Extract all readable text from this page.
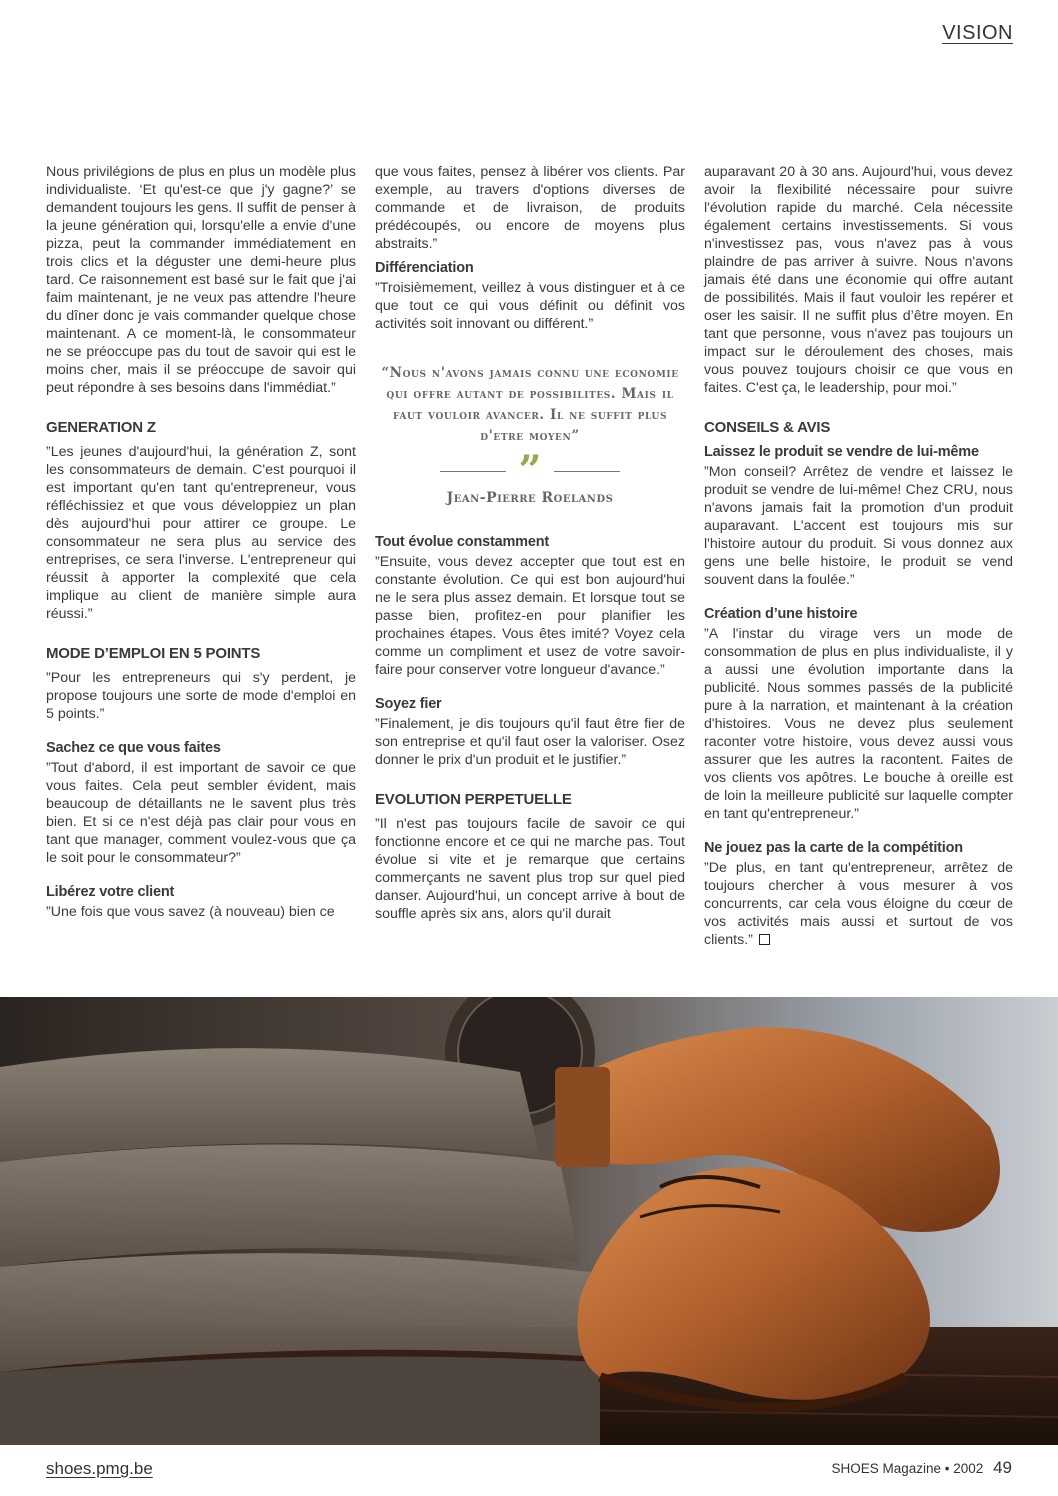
VISION

Nous privilégions de plus en plus un modèle plus individualiste. ‘Et qu'est-ce que j'y gagne?’ se demandent toujours les gens. Il suffit de penser à la jeune génération qui, lorsqu'elle a envie d'une pizza, peut la commander immédiatement en trois clics et la déguster une demi-heure plus tard. Ce raisonnement est basé sur le fait que j'ai faim maintenant, je ne veux pas attendre l'heure du dîner donc je vais commander quelque chose maintenant. A ce moment-là, le consommateur ne se préoccupe pas du tout de savoir qui est le moins cher, mais il se préoccupe de savoir qui peut répondre à ses besoins dans l'immédiat.”

GENERATION Z

”Les jeunes d'aujourd'hui, la génération Z, sont les consommateurs de demain. C'est pourquoi il est important qu'en tant qu'entrepreneur, vous réfléchissiez et que vous développiez un plan dès aujourd'hui pour attirer ce groupe. Le consommateur ne sera plus au service des entreprises, ce sera l'inverse. L'entrepreneur qui réussit à apporter la complexité que cela implique au client de manière simple aura réussi.”

MODE D’EMPLOI EN 5 POINTS

”Pour les entrepreneurs qui s'y perdent, je propose toujours une sorte de mode d'emploi en 5 points.”

Sachez ce que vous faites

”Tout d'abord, il est important de savoir ce que vous faites. Cela peut sembler évident, mais beaucoup de détaillants ne le savent plus très bien. Et si ce n'est déjà pas clair pour vous en tant que manager, comment voulez-vous que ça le soit pour le consommateur?”

Libérez votre client

”Une fois que vous savez (à nouveau) bien ce

que vous faites, pensez à libérer vos clients. Par exemple, au travers d'options diverses de commande et de livraison, de produits prédécoupés, ou encore de moyens plus abstraits.”

Différenciation

”Troisièmement, veillez à vous distinguer et à ce que tout ce qui vous définit ou définit vos activités soit innovant ou différent.”

“Nous n'avons jamais connu une economie qui offre autant de possibilites. Mais il faut vouloir avancer. Il ne suffit plus d'etre moyen”
”
Jean-Pierre Roelands
Tout évolue constamment

”Ensuite, vous devez accepter que tout est en constante évolution. Ce qui est bon aujourd'hui ne le sera plus assez demain. Et lorsque tout se passe bien, profitez-en pour planifier les prochaines étapes. Vous êtes imité? Voyez cela comme un compliment et usez de votre savoir-faire pour conserver votre longueur d'avance.”

Soyez fier

”Finalement, je dis toujours qu'il faut être fier de son entreprise et qu'il faut oser la valoriser. Osez donner le prix d'un produit et le justifier.”

EVOLUTION PERPETUELLE

”Il n'est pas toujours facile de savoir ce qui fonctionne encore et ce qui ne marche pas. Tout évolue si vite et je remarque que certains commerçants ne savent plus trop sur quel pied danser. Aujourd'hui, un concept arrive à bout de souffle après six ans, alors qu'il durait

auparavant 20 à 30 ans. Aujourd'hui, vous devez avoir la flexibilité nécessaire pour suivre l'évolution rapide du marché. Cela nécessite également certains investissements. Si vous n'investissez pas, vous n'avez pas à vous plaindre de pas arriver à suivre. Nous n'avons jamais été dans une économie qui offre autant de possibilités. Mais il faut vouloir les repérer et oser les saisir. Il ne suffit plus d’être moyen. En tant que personne, vous n'avez pas toujours un impact sur le déroulement des choses, mais vous pouvez toujours choisir ce que vous en faites. C'est ça, le leadership, pour moi.”

CONSEILS & AVIS
Laissez le produit se vendre de lui-même

”Mon conseil? Arrêtez de vendre et laissez le produit se vendre de lui-même! Chez CRU, nous n'avons jamais fait la promotion d'un produit auparavant. L'accent est toujours mis sur l'histoire autour du produit. Si vous donnez aux gens une belle histoire, le produit se vend souvent dans la foulée.”

Création d’une histoire

”A l'instar du virage vers un mode de consommation de plus en plus individualiste, il y a aussi une évolution importante dans la publicité. Nous sommes passés de la publicité pure à la narration, et maintenant à la création d'histoires. Vous ne devez plus seulement raconter votre histoire, vous devez aussi vous assurer que les autres la racontent. Faites de vos clients vos apôtres. Le bouche à oreille est de loin la meilleure publicité sur laquelle compter en tant qu'entrepreneur.”

Ne jouez pas la carte de la compétition

”De plus, en tant qu'entrepreneur, arrêtez de toujours chercher à vous mesurer à vos concurrents, car cela vous éloigne du cœur de vos activités mais aussi et surtout de vos clients.”

shoes.pmg.be	SHOES Magazine • 2002 49
